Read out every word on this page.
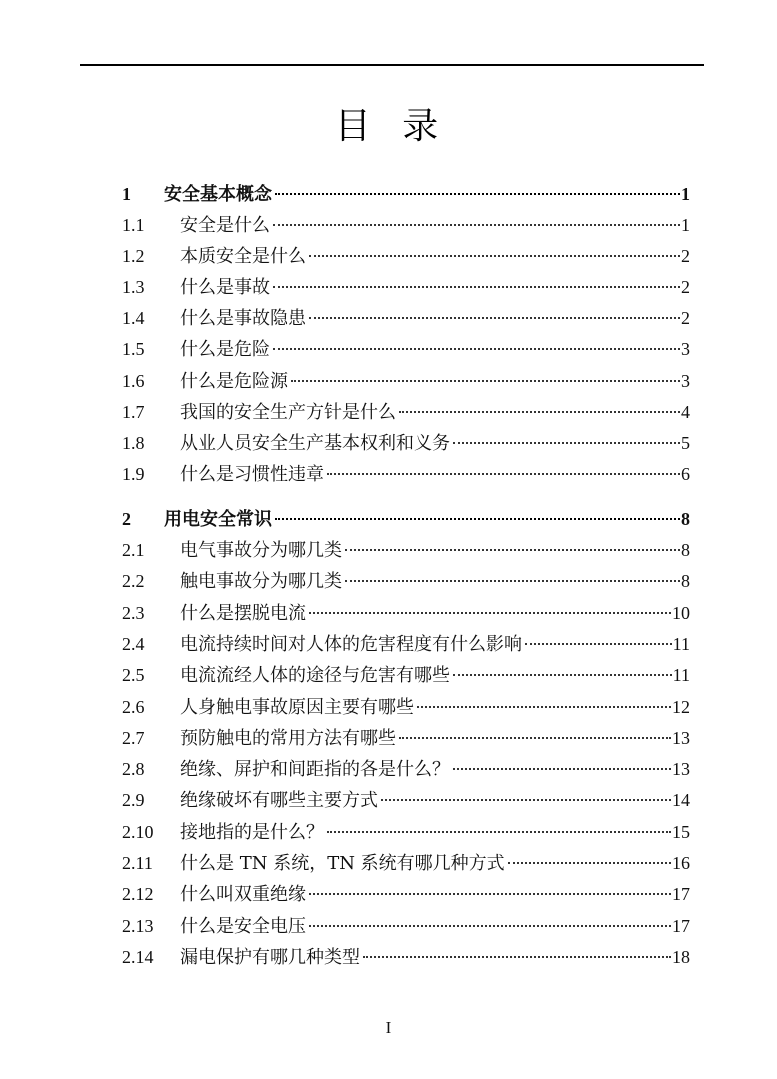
目 录
1	安全基本概念	1
1.1	安全是什么	1
1.2	本质安全是什么	2
1.3	什么是事故	2
1.4	什么是事故隐患	2
1.5	什么是危险	3
1.6	什么是危险源	3
1.7	我国的安全生产方针是什么	4
1.8	从业人员安全生产基本权利和义务	5
1.9	什么是习惯性违章	6
2	用电安全常识	8
2.1	电气事故分为哪几类	8
2.2	触电事故分为哪几类	8
2.3	什么是摆脱电流	10
2.4	电流持续时间对人体的危害程度有什么影响	11
2.5	电流流经人体的途径与危害有哪些	11
2.6	人身触电事故原因主要有哪些	12
2.7	预防触电的常用方法有哪些	13
2.8	绝缘、屏护和间距指的各是什么？	13
2.9	绝缘破坏有哪些主要方式	14
2.10	接地指的是什么？	15
2.11	什么是 TN 系统，TN 系统有哪几种方式	16
2.12	什么叫双重绝缘	17
2.13	什么是安全电压	17
2.14	漏电保护有哪几种类型	18
I
